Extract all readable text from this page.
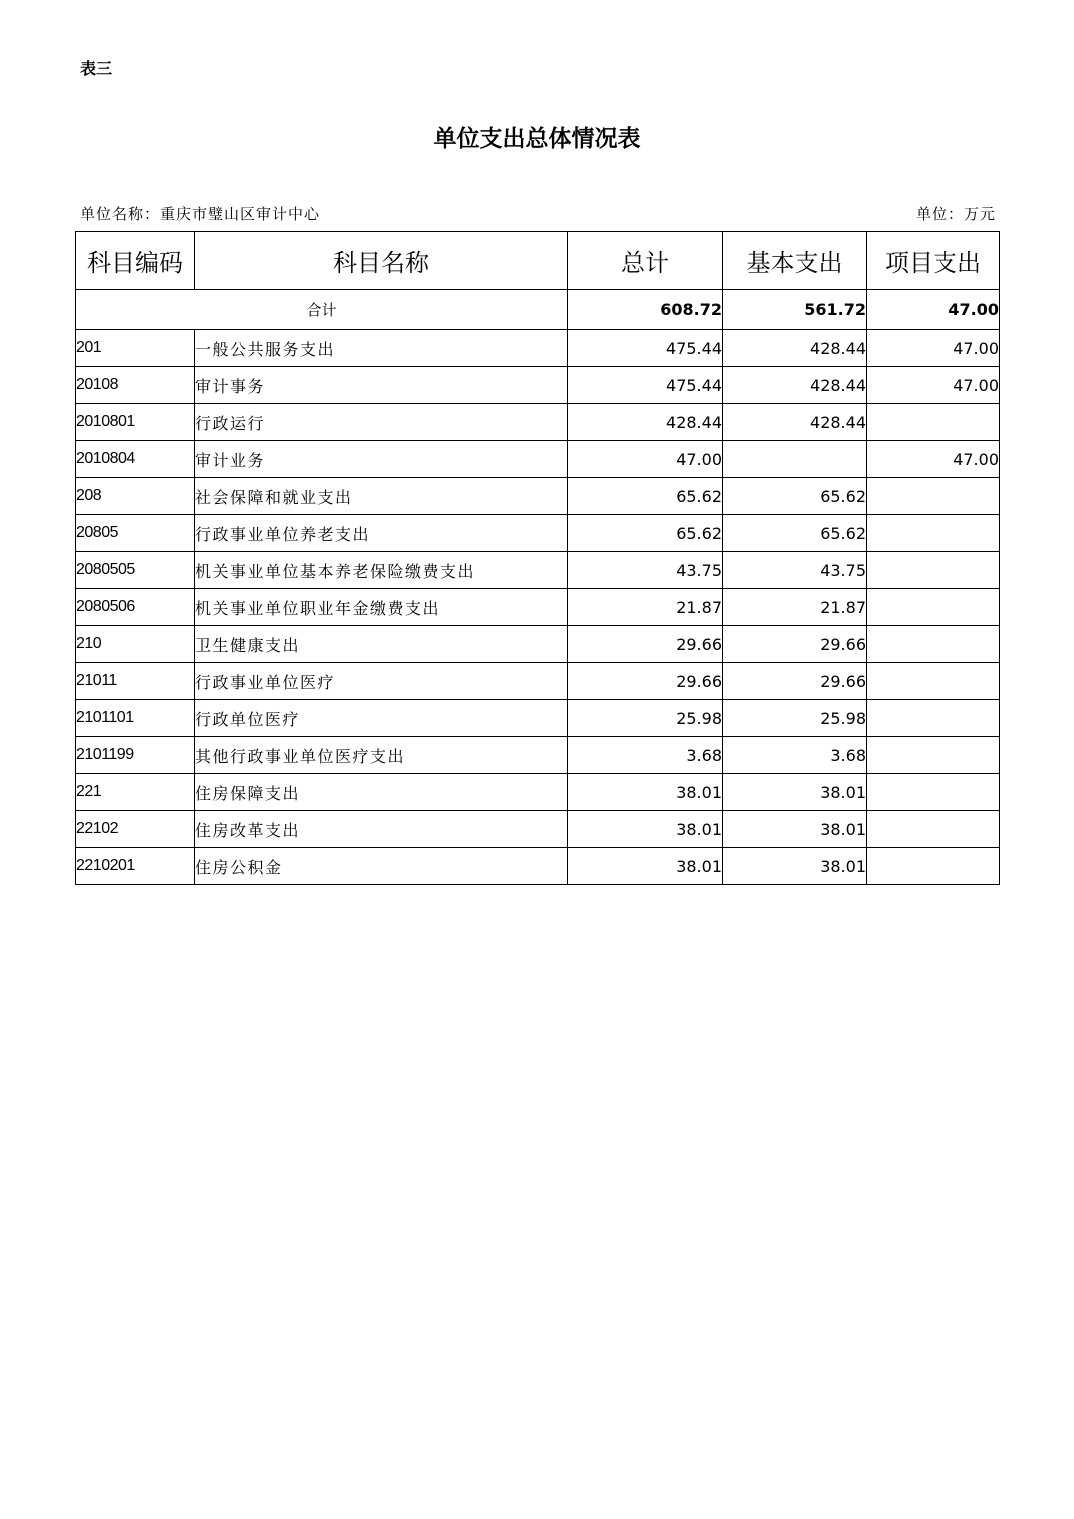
表三
单位支出总体情况表
单位名称：重庆市璧山区审计中心	单位：万元
科目编码	科目名称	总计	基本支出	项目支出
合计		608.72	561.72	47.00
201	一般公共服务支出	475.44	428.44	47.00
20108	审计事务	475.44	428.44	47.00
2010801	行政运行	428.44	428.44	
2010804	审计业务	47.00		47.00
208	社会保障和就业支出	65.62	65.62	
20805	行政事业单位养老支出	65.62	65.62	
2080505	机关事业单位基本养老保险缴费支出	43.75	43.75	
2080506	机关事业单位职业年金缴费支出	21.87	21.87	
210	卫生健康支出	29.66	29.66	
21011	行政事业单位医疗	29.66	29.66	
2101101	行政单位医疗	25.98	25.98	
2101199	其他行政事业单位医疗支出	3.68	3.68	
221	住房保障支出	38.01	38.01	
22102	住房改革支出	38.01	38.01	
2210201	住房公积金	38.01	38.01	
